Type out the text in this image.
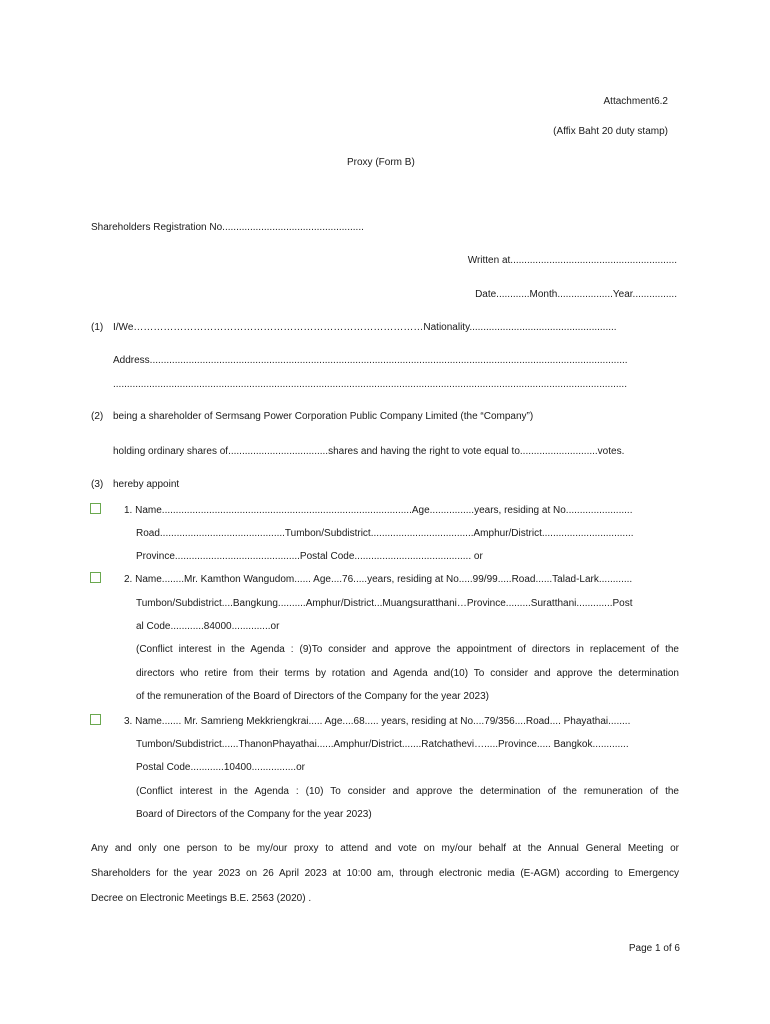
Attachment6.2
(Affix Baht 20 duty stamp)
Proxy (Form B)
Shareholders Registration No...................................................
Written at............................................................
Date............Month....................Year................
(1) I/We……………………………………………………………………………Nationality.....................................................
Address............................................................................................................................................................................
.........................................................................................................................................................................................
(2) being a shareholder of Sermsang Power Corporation Public Company Limited (the “Company”)
holding ordinary shares of....................................shares and having the right to vote equal to............................votes.
(3) hereby appoint
1. Name..........................................................................................Age................years, residing at No........................
Road.............................................Tumbon/Subdistrict.....................................Amphur/District.................................
Province.............................................Postal Code.......................................... or
2. Name........Mr. Kamthon Wangudom...... Age....76.....years, residing at No.....99/99.....Road......Talad-Lark............
Tumbon/Subdistrict....Bangkung..........Amphur/District...Muangsuratthani…Province.........Suratthani.............Post
al Code............84000..............or
(Conflict interest in the Agenda : (9)To consider and approve the appointment of directors in replacement of the
directors who retire from their terms by rotation and Agenda and(10) To consider and approve the determination
of the remuneration of the Board of Directors of the Company for the year 2023)
3. Name....... Mr. Samrieng Mekkriengkrai..... Age....68..... years, residing at No....79/356....Road.... Phayathai........
Tumbon/Subdistrict......ThanonPhayathai......Amphur/District.......Ratchathevi….....Province..... Bangkok.............
Postal Code............10400................or
(Conflict interest in the Agenda : (10) To consider and approve the determination of the remuneration of the
Board of Directors of the Company for the year 2023)
Any and only one person to be my/our proxy to attend and vote on my/our behalf at the Annual General Meeting or
Shareholders for the year 2023 on 26 April 2023 at 10:00 am, through electronic media (E-AGM) according to Emergency
Decree on Electronic Meetings B.E. 2563 (2020) .
Page 1 of 6
